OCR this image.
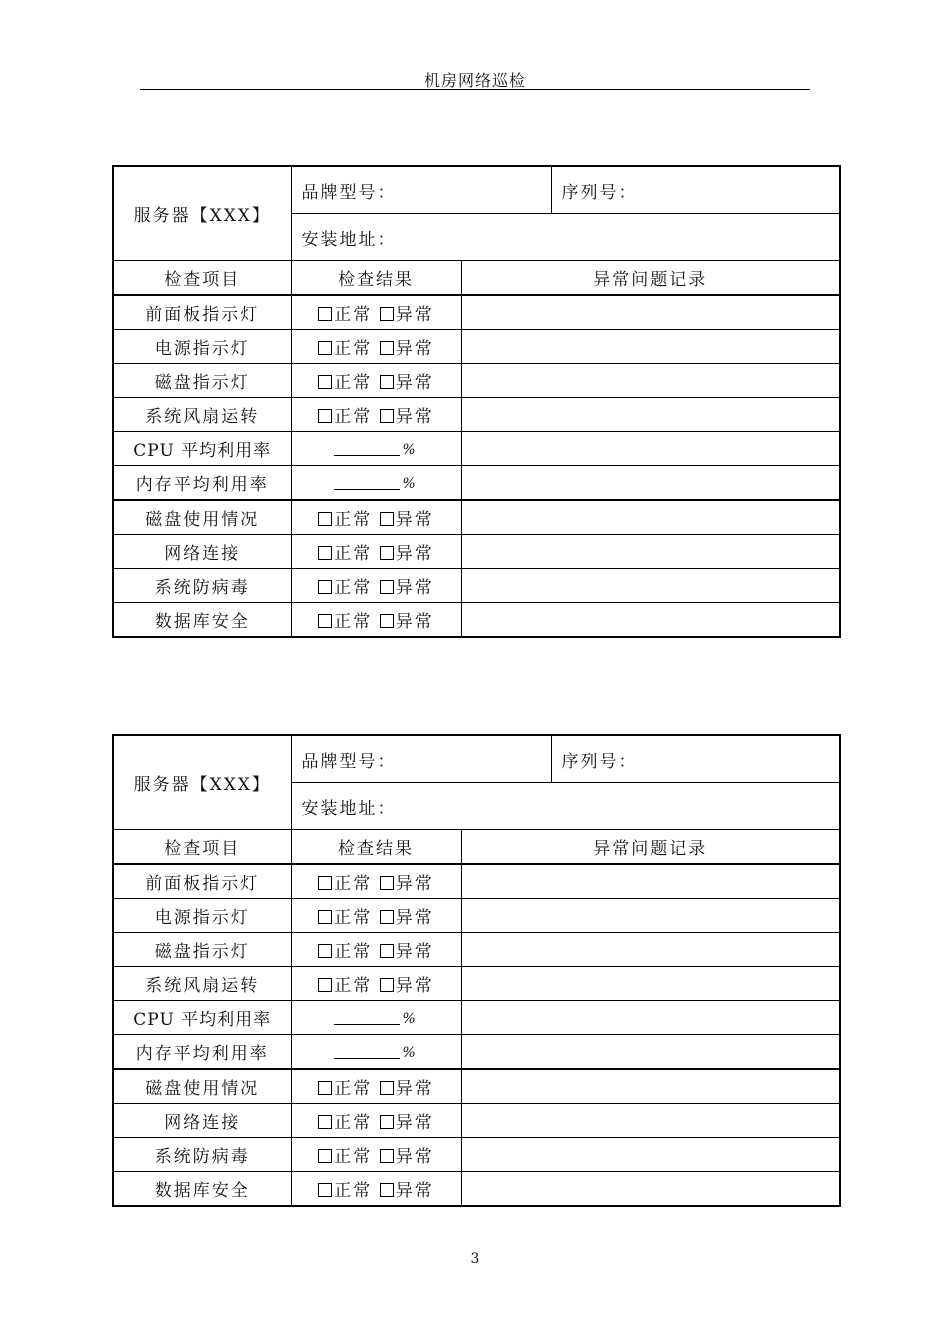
机房网络巡检
服务器【XXX】	品牌型号：		序列号：
	安装地址：		
检查项目	检查结果	异常问题记录	
前面板指示灯	正常 异常		
电源指示灯	正常 异常		
磁盘指示灯	正常 异常		
系统风扇运转	正常 异常		
CPU 平均利用率	%		
内存平均利用率	%		
磁盘使用情况	正常 异常		
网络连接	正常 异常		
系统防病毒	正常 异常		
数据库安全	正常 异常		
服务器【XXX】	品牌型号：		序列号：
	安装地址：		
检查项目	检查结果	异常问题记录	
前面板指示灯	正常 异常		
电源指示灯	正常 异常		
磁盘指示灯	正常 异常		
系统风扇运转	正常 异常		
CPU 平均利用率	%		
内存平均利用率	%		
磁盘使用情况	正常 异常		
网络连接	正常 异常		
系统防病毒	正常 异常		
数据库安全	正常 异常		
3
